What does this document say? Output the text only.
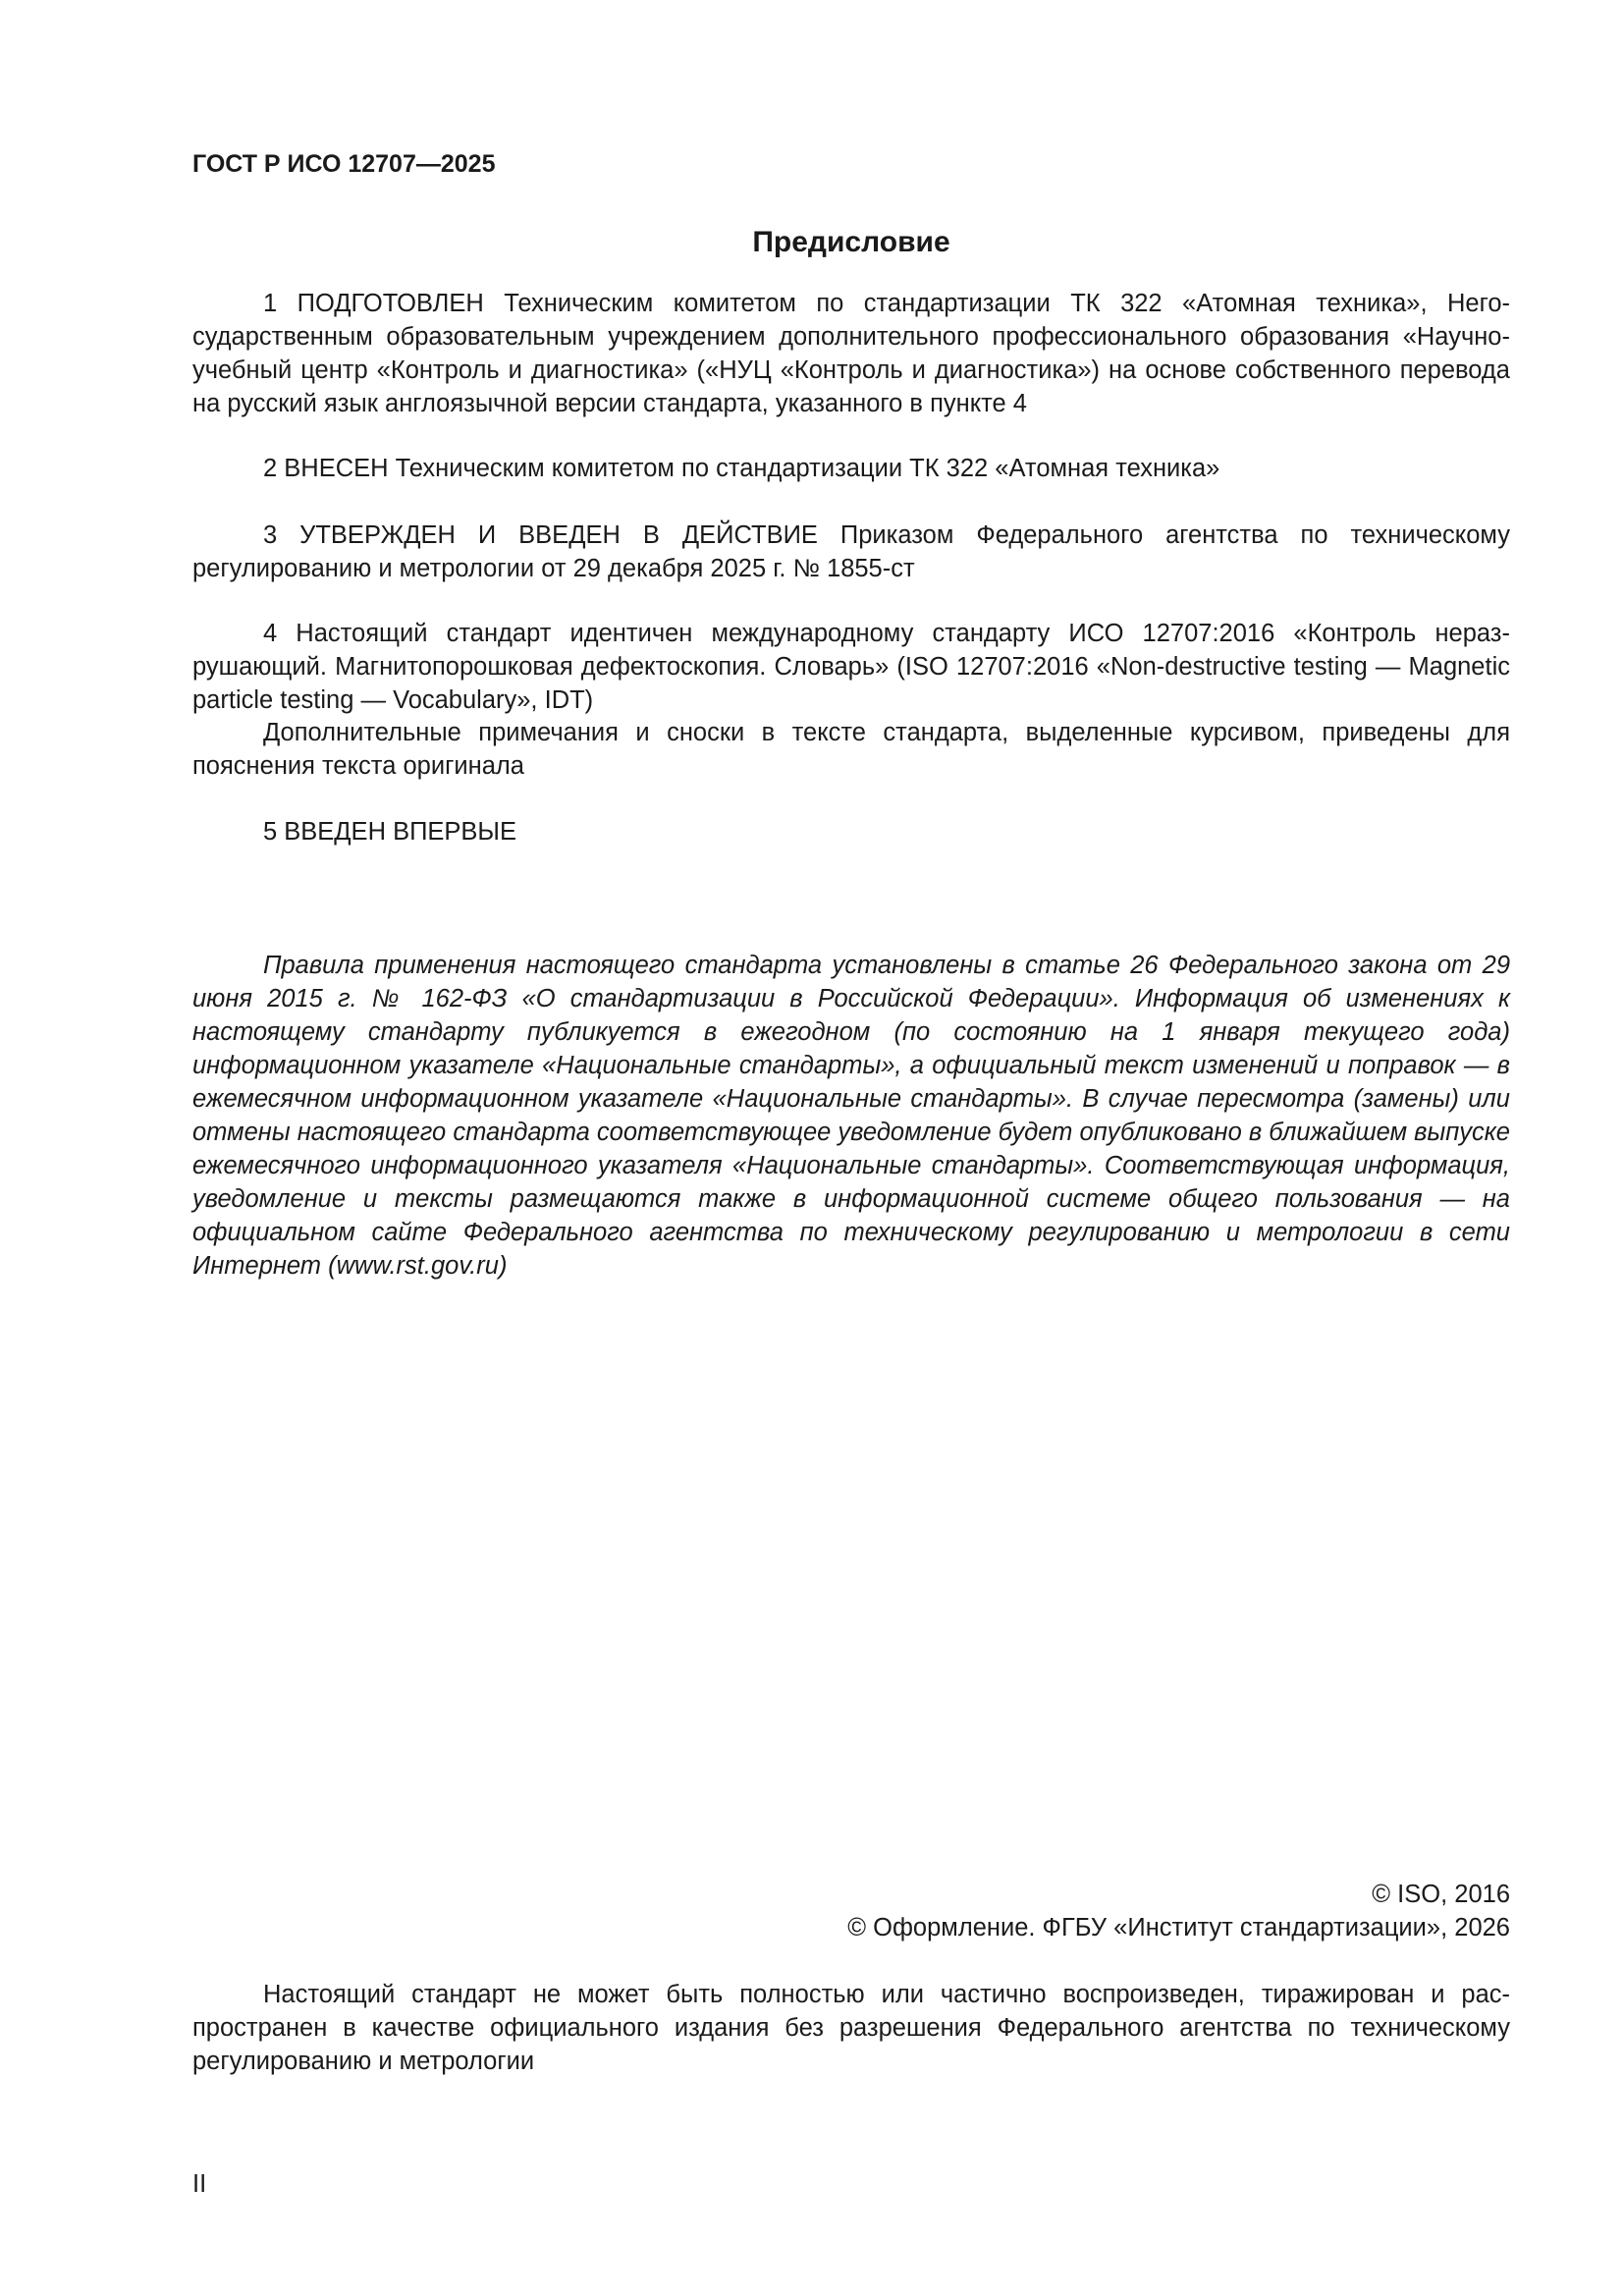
ГОСТ Р ИСО 12707—2025
Предисловие

1 ПОДГОТОВЛЕН Техническим комитетом по стандартизации ТК 322 «Атомная техника», Негосударственным образовательным учреждением дополнительного профессионального образования «Научно-учебный центр «Контроль и диагностика» («НУЦ «Контроль и диагностика») на основе собственного перевода на русский язык англоязычной версии стандарта, указанного в пункте 4

2 ВНЕСЕН Техническим комитетом по стандартизации ТК 322 «Атомная техника»

3 УТВЕРЖДЕН И ВВЕДЕН В ДЕЙСТВИЕ Приказом Федерального агентства по техническому регулированию и метрологии от 29 декабря 2025 г. № 1855-ст

4 Настоящий стандарт идентичен международному стандарту ИСО 12707:2016 «Контроль неразрушающий. Магнитопорошковая дефектоскопия. Словарь» (ISO 12707:2016 «Non-destructive testing — Magnetic particle testing — Vocabulary», IDT)

Дополнительные примечания и сноски в тексте стандарта, выделенные курсивом, приведены для пояснения текста оригинала

5 ВВЕДЕН ВПЕРВЫЕ

Правила применения настоящего стандарта установлены в статье 26 Федерального закона от 29 июня 2015 г. № 162-ФЗ «О стандартизации в Российской Федерации». Информация об изменениях к настоящему стандарту публикуется в ежегодном (по состоянию на 1 января текущего года) информационном указателе «Национальные стандарты», а официальный текст изменений и поправок — в ежемесячном информационном указателе «Национальные стандарты». В случае пересмотра (замены) или отмены настоящего стандарта соответствующее уведомление будет опубликовано в ближайшем выпуске ежемесячного информационного указателя «Национальные стандарты». Соответствующая информация, уведомление и тексты размещаются также в информационной системе общего пользования — на официальном сайте Федерального агентства по техническому регулированию и метрологии в сети Интернет (www.rst.gov.ru)

© ISO, 2016
© Оформление. ФГБУ «Институт стандартизации», 2026

Настоящий стандарт не может быть полностью или частично воспроизведен, тиражирован и распространен в качестве официального издания без разрешения Федерального агентства по техническому регулированию и метрологии

II
